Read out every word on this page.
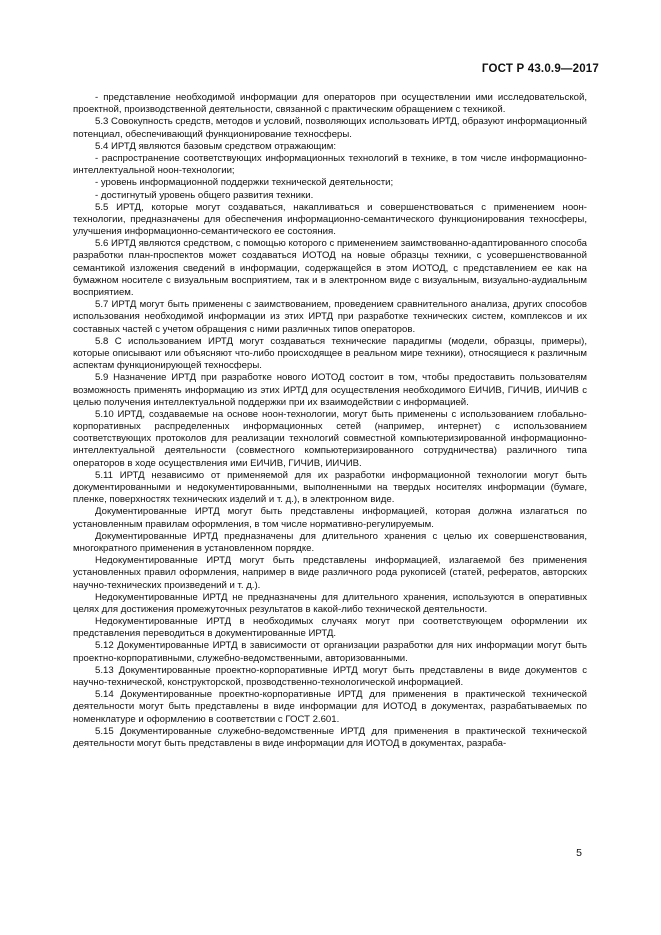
ГОСТ Р 43.0.9—2017

- представление необходимой информации для операторов при осуществлении ими исследовательской, проектной, производственной деятельности, связанной с практическим обращением с техникой.

5.3 Совокупность средств, методов и условий, позволяющих использовать ИРТД, образуют информационный потенциал, обеспечивающий функционирование техносферы.

5.4 ИРТД являются базовым средством отражающим:

- распространение соответствующих информационных технологий в технике, в том числе информационно-интеллектуальной ноон-технологии;

- уровень информационной поддержки технической деятельности;

- достигнутый уровень общего развития техники.

5.5 ИРТД, которые могут создаваться, накапливаться и совершенствоваться с применением ноон-технологии, предназначены для обеспечения информационно-семантического функционирования техносферы, улучшения информационно-семантического ее состояния.

5.6 ИРТД являются средством, с помощью которого с применением заимствованно-адаптированного способа разработки план-проспектов может создаваться ИОТОД на новые образцы техники, с усовершенствованной семантикой изложения сведений в информации, содержащейся в этом ИОТОД, с представлением ее как на бумажном носителе с визуальным восприятием, так и в электронном виде с визуальным, визуально-аудиальным восприятием.

5.7 ИРТД могут быть применены с заимствованием, проведением сравнительного анализа, других способов использования необходимой информации из этих ИРТД при разработке технических систем, комплексов и их составных частей с учетом обращения с ними различных типов операторов.

5.8 С использованием ИРТД могут создаваться технические парадигмы (модели, образцы, примеры), которые описывают или объясняют что-либо происходящее в реальном мире техники), относящиеся к различным аспектам функционирующей техносферы.

5.9 Назначение ИРТД при разработке нового ИОТОД состоит в том, чтобы предоставить пользователям возможность применять информацию из этих ИРТД для осуществления необходимого ЕИЧИВ, ГИЧИВ, ИИЧИВ с целью получения интеллектуальной поддержки при их взаимодействии с информацией.

5.10 ИРТД, создаваемые на основе ноон-технологии, могут быть применены с использованием глобально-корпоративных распределенных информационных сетей (например, интернет) с использованием соответствующих протоколов для реализации технологий совместной компьютеризированной информационно-интеллектуальной деятельности (совместного компьютеризированного сотрудничества) различного типа операторов в ходе осуществления ими ЕИЧИВ, ГИЧИВ, ИИЧИВ.

5.11 ИРТД независимо от применяемой для их разработки информационной технологии могут быть документированными и недокументированными, выполненными на твердых носителях информации (бумаге, пленке, поверхностях технических изделий и т. д.), в электронном виде.

Документированные ИРТД могут быть представлены информацией, которая должна излагаться по установленным правилам оформления, в том числе нормативно-регулируемым.

Документированные ИРТД предназначены для длительного хранения с целью их совершенствования, многократного применения в установленном порядке.

Недокументированные ИРТД могут быть представлены информацией, излагаемой без применения установленных правил оформления, например в виде различного рода рукописей (статей, рефератов, авторских научно-технических произведений и т. д.).

Недокументированные ИРТД не предназначены для длительного хранения, используются в оперативных целях для достижения промежуточных результатов в какой-либо технической деятельности.

Недокументированные ИРТД в необходимых случаях могут при соответствующем оформлении их представления переводиться в документированные ИРТД.

5.12 Документированные ИРТД в зависимости от организации разработки для них информации могут быть проектно-корпоративными, служебно-ведомственными, авторизованными.

5.13 Документированные проектно-корпоративные ИРТД могут быть представлены в виде документов с научно-технической, конструкторской, прозводственно-технологической информацией.

5.14 Документированные проектно-корпоративные ИРТД для применения в практической технической деятельности могут быть представлены в виде информации для ИОТОД в документах, разрабатываемых по номенклатуре и оформлению в соответствии с ГОСТ 2.601.

5.15 Документированные служебно-ведомственные ИРТД для применения в практической технической деятельности могут быть представлены в виде информации для ИОТОД в документах, разраба-

5
